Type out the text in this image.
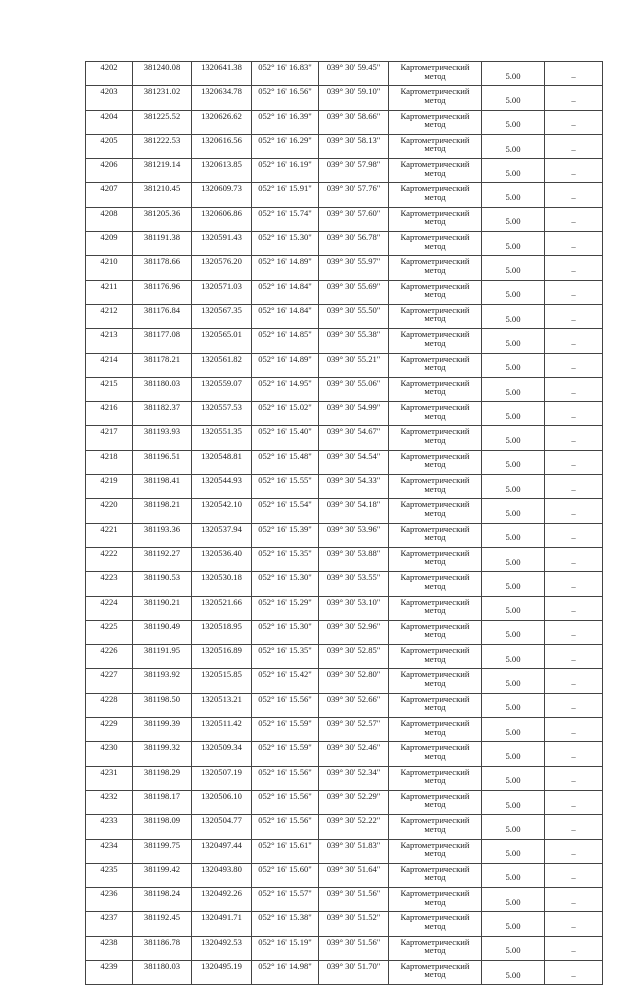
4202	381240.08	1320641.38	052° 16' 16.83"	039° 30' 59.45"	Картометрический метод	5.00	–
4203	381231.02	1320634.78	052° 16' 16.56"	039° 30' 59.10"	Картометрический метод	5.00	–
4204	381225.52	1320626.62	052° 16' 16.39"	039° 30' 58.66"	Картометрический метод	5.00	–
4205	381222.53	1320616.56	052° 16' 16.29"	039° 30' 58.13"	Картометрический метод	5.00	–
4206	381219.14	1320613.85	052° 16' 16.19"	039° 30' 57.98"	Картометрический метод	5.00	–
4207	381210.45	1320609.73	052° 16' 15.91"	039° 30' 57.76"	Картометрический метод	5.00	–
4208	381205.36	1320606.86	052° 16' 15.74"	039° 30' 57.60"	Картометрический метод	5.00	–
4209	381191.38	1320591.43	052° 16' 15.30"	039° 30' 56.78"	Картометрический метод	5.00	–
4210	381178.66	1320576.20	052° 16' 14.89"	039° 30' 55.97"	Картометрический метод	5.00	–
4211	381176.96	1320571.03	052° 16' 14.84"	039° 30' 55.69"	Картометрический метод	5.00	–
4212	381176.84	1320567.35	052° 16' 14.84"	039° 30' 55.50"	Картометрический метод	5.00	–
4213	381177.08	1320565.01	052° 16' 14.85"	039° 30' 55.38"	Картометрический метод	5.00	–
4214	381178.21	1320561.82	052° 16' 14.89"	039° 30' 55.21"	Картометрический метод	5.00	–
4215	381180.03	1320559.07	052° 16' 14.95"	039° 30' 55.06"	Картометрический метод	5.00	–
4216	381182.37	1320557.53	052° 16' 15.02"	039° 30' 54.99"	Картометрический метод	5.00	–
4217	381193.93	1320551.35	052° 16' 15.40"	039° 30' 54.67"	Картометрический метод	5.00	–
4218	381196.51	1320548.81	052° 16' 15.48"	039° 30' 54.54"	Картометрический метод	5.00	–
4219	381198.41	1320544.93	052° 16' 15.55"	039° 30' 54.33"	Картометрический метод	5.00	–
4220	381198.21	1320542.10	052° 16' 15.54"	039° 30' 54.18"	Картометрический метод	5.00	–
4221	381193.36	1320537.94	052° 16' 15.39"	039° 30' 53.96"	Картометрический метод	5.00	–
4222	381192.27	1320536.40	052° 16' 15.35"	039° 30' 53.88"	Картометрический метод	5.00	–
4223	381190.53	1320530.18	052° 16' 15.30"	039° 30' 53.55"	Картометрический метод	5.00	–
4224	381190.21	1320521.66	052° 16' 15.29"	039° 30' 53.10"	Картометрический метод	5.00	–
4225	381190.49	1320518.95	052° 16' 15.30"	039° 30' 52.96"	Картометрический метод	5.00	–
4226	381191.95	1320516.89	052° 16' 15.35"	039° 30' 52.85"	Картометрический метод	5.00	–
4227	381193.92	1320515.85	052° 16' 15.42"	039° 30' 52.80"	Картометрический метод	5.00	–
4228	381198.50	1320513.21	052° 16' 15.56"	039° 30' 52.66"	Картометрический метод	5.00	–
4229	381199.39	1320511.42	052° 16' 15.59"	039° 30' 52.57"	Картометрический метод	5.00	–
4230	381199.32	1320509.34	052° 16' 15.59"	039° 30' 52.46"	Картометрический метод	5.00	–
4231	381198.29	1320507.19	052° 16' 15.56"	039° 30' 52.34"	Картометрический метод	5.00	–
4232	381198.17	1320506.10	052° 16' 15.56"	039° 30' 52.29"	Картометрический метод	5.00	–
4233	381198.09	1320504.77	052° 16' 15.56"	039° 30' 52.22"	Картометрический метод	5.00	–
4234	381199.75	1320497.44	052° 16' 15.61"	039° 30' 51.83"	Картометрический метод	5.00	–
4235	381199.42	1320493.80	052° 16' 15.60"	039° 30' 51.64"	Картометрический метод	5.00	–
4236	381198.24	1320492.26	052° 16' 15.57"	039° 30' 51.56"	Картометрический метод	5.00	–
4237	381192.45	1320491.71	052° 16' 15.38"	039° 30' 51.52"	Картометрический метод	5.00	–
4238	381186.78	1320492.53	052° 16' 15.19"	039° 30' 51.56"	Картометрический метод	5.00	–
4239	381180.03	1320495.19	052° 16' 14.98"	039° 30' 51.70"	Картометрический метод	5.00	–
